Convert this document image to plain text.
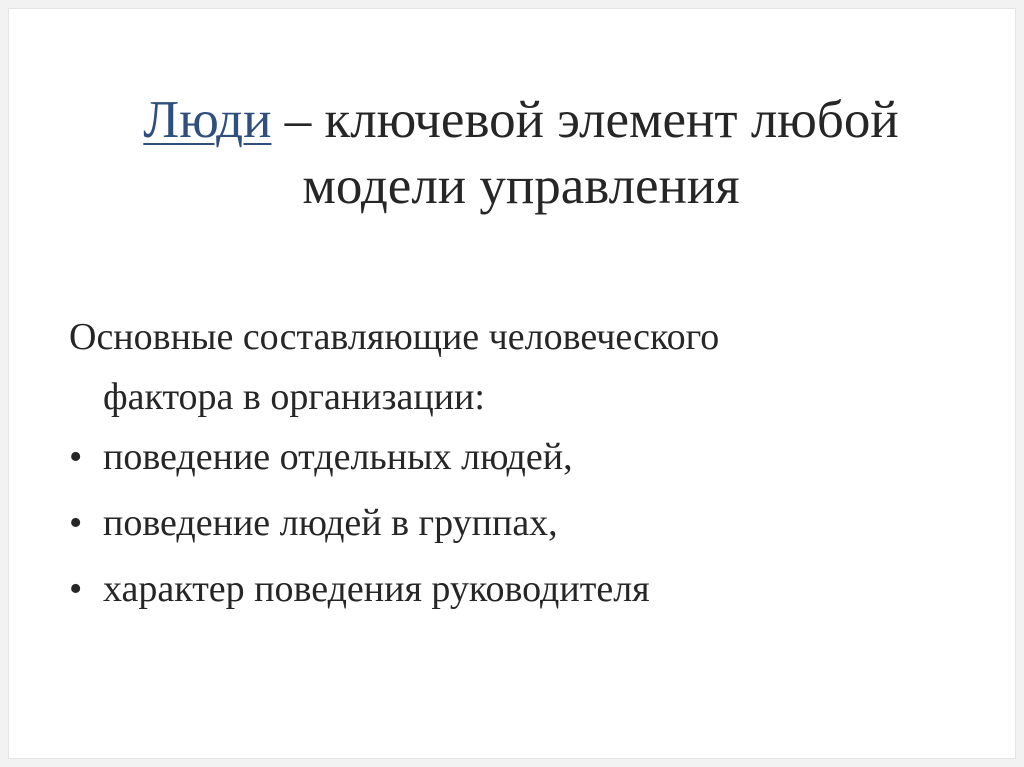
Люди – ключевой элемент любой
модели управления

Основные составляющие человеческого
фактора в организации:

• поведение отдельных людей,
• поведение людей в группах,
• характер поведения руководителя
